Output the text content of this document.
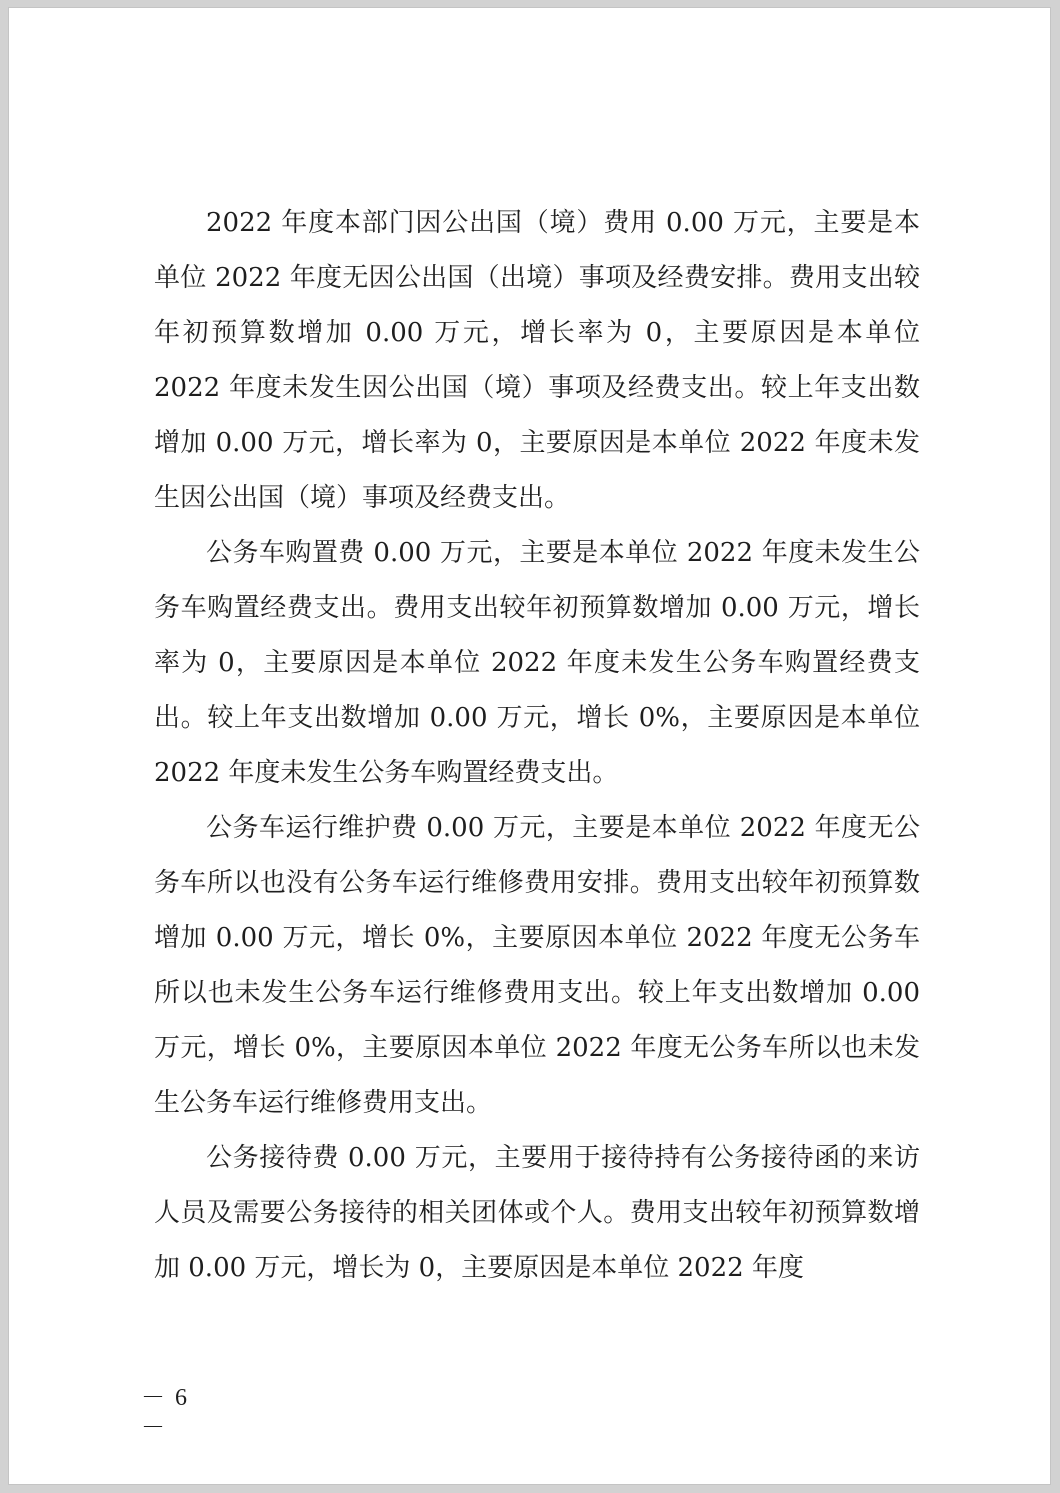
2022 年度本部门因公出国（境）费用 0.00 万元，主要是本单位 2022 年度无因公出国（出境）事项及经费安排。费用支出较年初预算数增加 0.00 万元，增长率为 0，主要原因是本单位 2022 年度未发生因公出国（境）事项及经费支出。较上年支出数增加 0.00 万元，增长率为 0，主要原因是本单位 2022 年度未发生因公出国（境）事项及经费支出。

公务车购置费 0.00 万元，主要是本单位 2022 年度未发生公务车购置经费支出。费用支出较年初预算数增加 0.00 万元，增长率为 0，主要原因是本单位 2022 年度未发生公务车购置经费支出。较上年支出数增加 0.00 万元，增长 0%，主要原因是本单位 2022 年度未发生公务车购置经费支出。

公务车运行维护费 0.00 万元，主要是本单位 2022 年度无公务车所以也没有公务车运行维修费用安排。费用支出较年初预算数增加 0.00 万元，增长 0%，主要原因本单位 2022 年度无公务车所以也未发生公务车运行维修费用支出。较上年支出数增加 0.00 万元，增长 0%，主要原因本单位 2022 年度无公务车所以也未发生公务车运行维修费用支出。

公务接待费 0.00 万元，主要用于接待持有公务接待函的来访人员及需要公务接待的相关团体或个人。费用支出较年初预算数增加 0.00 万元，增长为 0，主要原因是本单位 2022 年度

－ 6 －
